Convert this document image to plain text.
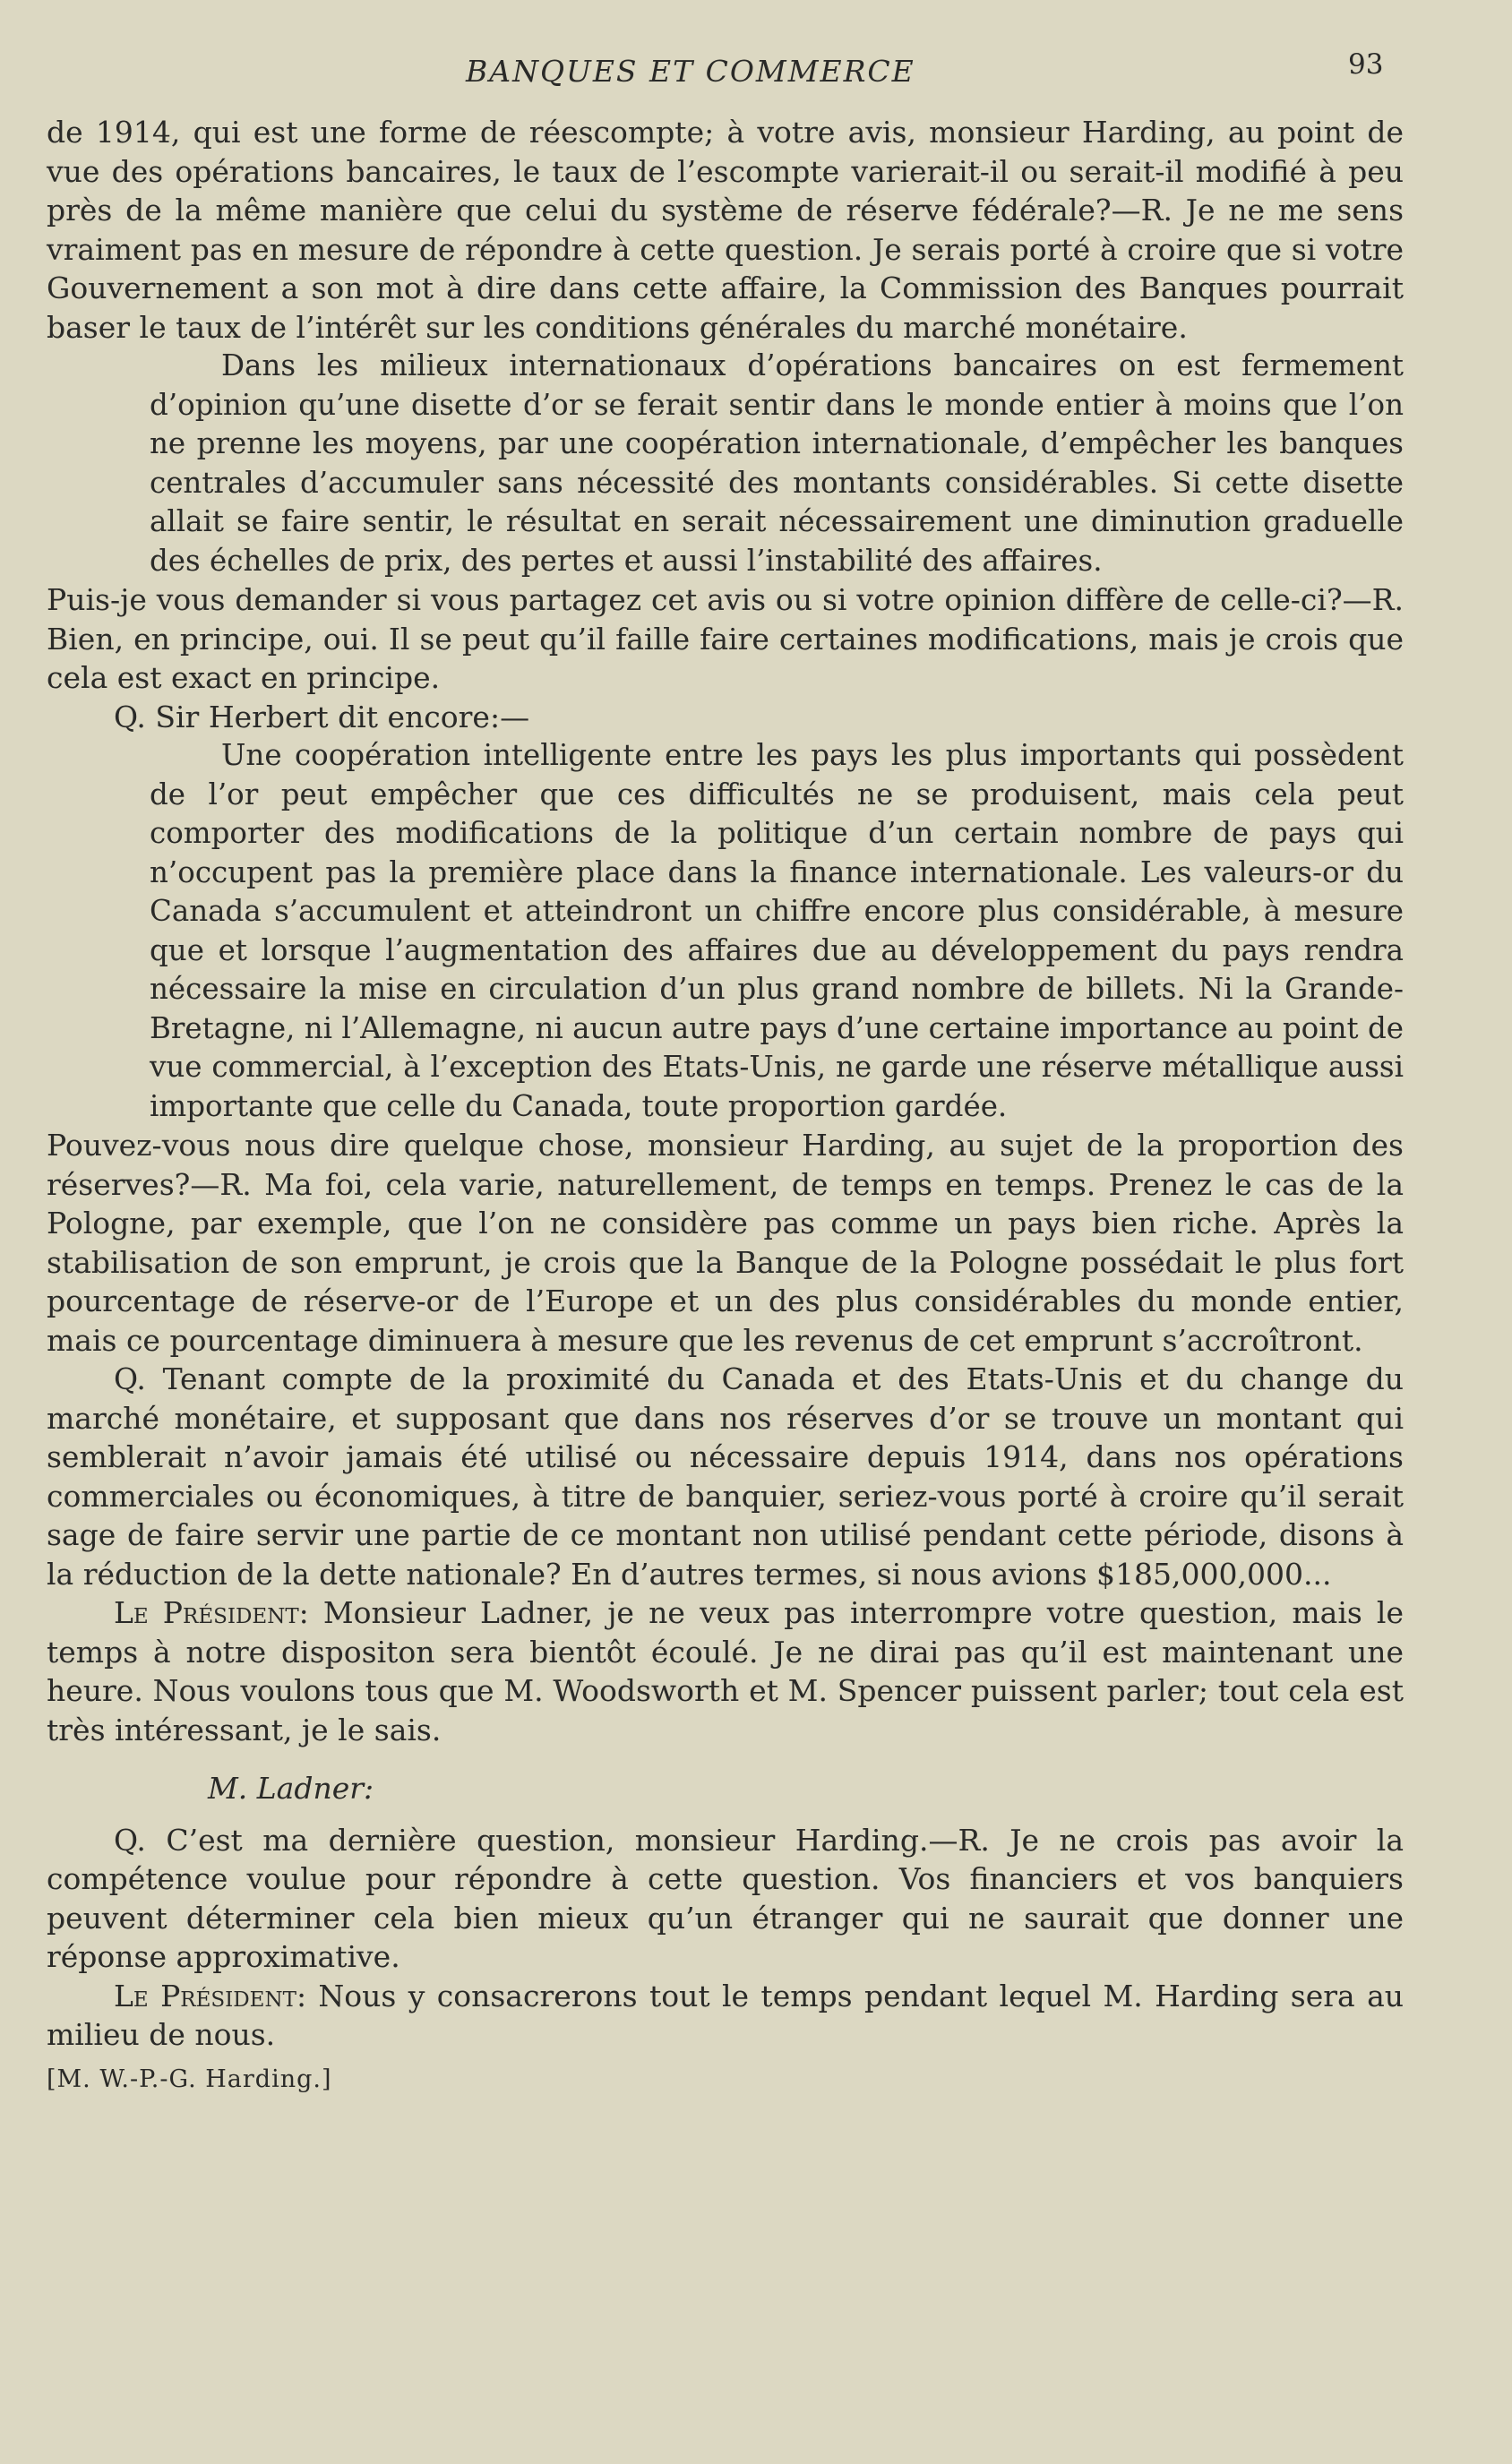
BANQUES ET COMMERCE	93

de 1914, qui est une forme de réescompte; à votre avis, monsieur Harding, au point de vue des opérations bancaires, le taux de l’escompte varierait-il ou serait-il modifié à peu près de la même manière que celui du système de réserve fédérale?—R. Je ne me sens vraiment pas en mesure de répondre à cette question. Je serais porté à croire que si votre Gouvernement a son mot à dire dans cette affaire, la Commission des Banques pourrait baser le taux de l’intérêt sur les conditions générales du marché monétaire.

Dans les milieux internationaux d’opérations bancaires on est fermement d’opinion qu’une disette d’or se ferait sentir dans le monde entier à moins que l’on ne prenne les moyens, par une coopération internationale, d’empêcher les banques centrales d’accumuler sans nécessité des montants considérables. Si cette disette allait se faire sentir, le résultat en serait nécessairement une diminution graduelle des échelles de prix, des pertes et aussi l’instabilité des affaires.

Puis-je vous demander si vous partagez cet avis ou si votre opinion diffère de celle-ci?—R. Bien, en principe, oui. Il se peut qu’il faille faire certaines modifications, mais je crois que cela est exact en principe.

Q. Sir Herbert dit encore:—

Une coopération intelligente entre les pays les plus importants qui possèdent de l’or peut empêcher que ces difficultés ne se produisent, mais cela peut comporter des modifications de la politique d’un certain nombre de pays qui n’occupent pas la première place dans la finance internationale. Les valeurs-or du Canada s’accumulent et atteindront un chiffre encore plus considérable, à mesure que et lorsque l’augmentation des affaires due au développement du pays rendra nécessaire la mise en circulation d’un plus grand nombre de billets. Ni la Grande-Bretagne, ni l’Allemagne, ni aucun autre pays d’une certaine importance au point de vue commercial, à l’exception des Etats-Unis, ne garde une réserve métallique aussi importante que celle du Canada, toute proportion gardée.

Pouvez-vous nous dire quelque chose, monsieur Harding, au sujet de la proportion des réserves?—R. Ma foi, cela varie, naturellement, de temps en temps. Prenez le cas de la Pologne, par exemple, que l’on ne considère pas comme un pays bien riche. Après la stabilisation de son emprunt, je crois que la Banque de la Pologne possédait le plus fort pourcentage de réserve-or de l’Europe et un des plus considérables du monde entier, mais ce pourcentage diminuera à mesure que les revenus de cet emprunt s’accroîtront.

Q. Tenant compte de la proximité du Canada et des Etats-Unis et du change du marché monétaire, et supposant que dans nos réserves d’or se trouve un montant qui semblerait n’avoir jamais été utilisé ou nécessaire depuis 1914, dans nos opérations commerciales ou économiques, à titre de banquier, seriez-vous porté à croire qu’il serait sage de faire servir une partie de ce montant non utilisé pendant cette période, disons à la réduction de la dette nationale? En d’autres termes, si nous avions $185,000,000...

Le Président: Monsieur Ladner, je ne veux pas interrompre votre question, mais le temps à notre dispositon sera bientôt écoulé. Je ne dirai pas qu’il est maintenant une heure. Nous voulons tous que M. Woodsworth et M. Spencer puissent parler; tout cela est très intéressant, je le sais.

M. Ladner:

Q. C’est ma dernière question, monsieur Harding.—R. Je ne crois pas avoir la compétence voulue pour répondre à cette question. Vos financiers et vos banquiers peuvent déterminer cela bien mieux qu’un étranger qui ne saurait que donner une réponse approximative.

Le Président: Nous y consacrerons tout le temps pendant lequel M. Harding sera au milieu de nous.

[M. W.-P.-G. Harding.]
